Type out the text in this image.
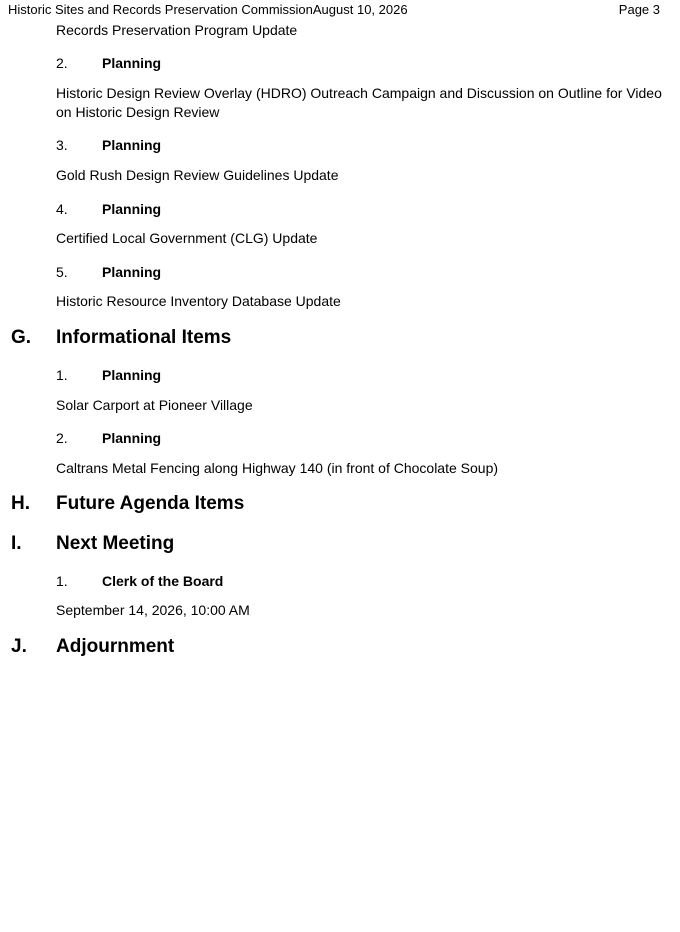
Historic Sites and Records Preservation CommissionAugust 10, 2026	Page 3
Records Preservation Program Update
2. Planning
Historic Design Review Overlay (HDRO) Outreach Campaign and Discussion on Outline for Video on Historic Design Review
3. Planning
Gold Rush Design Review Guidelines Update
4. Planning
Certified Local Government (CLG) Update
5. Planning
Historic Resource Inventory Database Update
G. Informational Items
1. Planning
Solar Carport at Pioneer Village
2. Planning
Caltrans Metal Fencing along Highway 140 (in front of Chocolate Soup)
H. Future Agenda Items
I. Next Meeting
1. Clerk of the Board
September 14, 2026, 10:00 AM
J. Adjournment
